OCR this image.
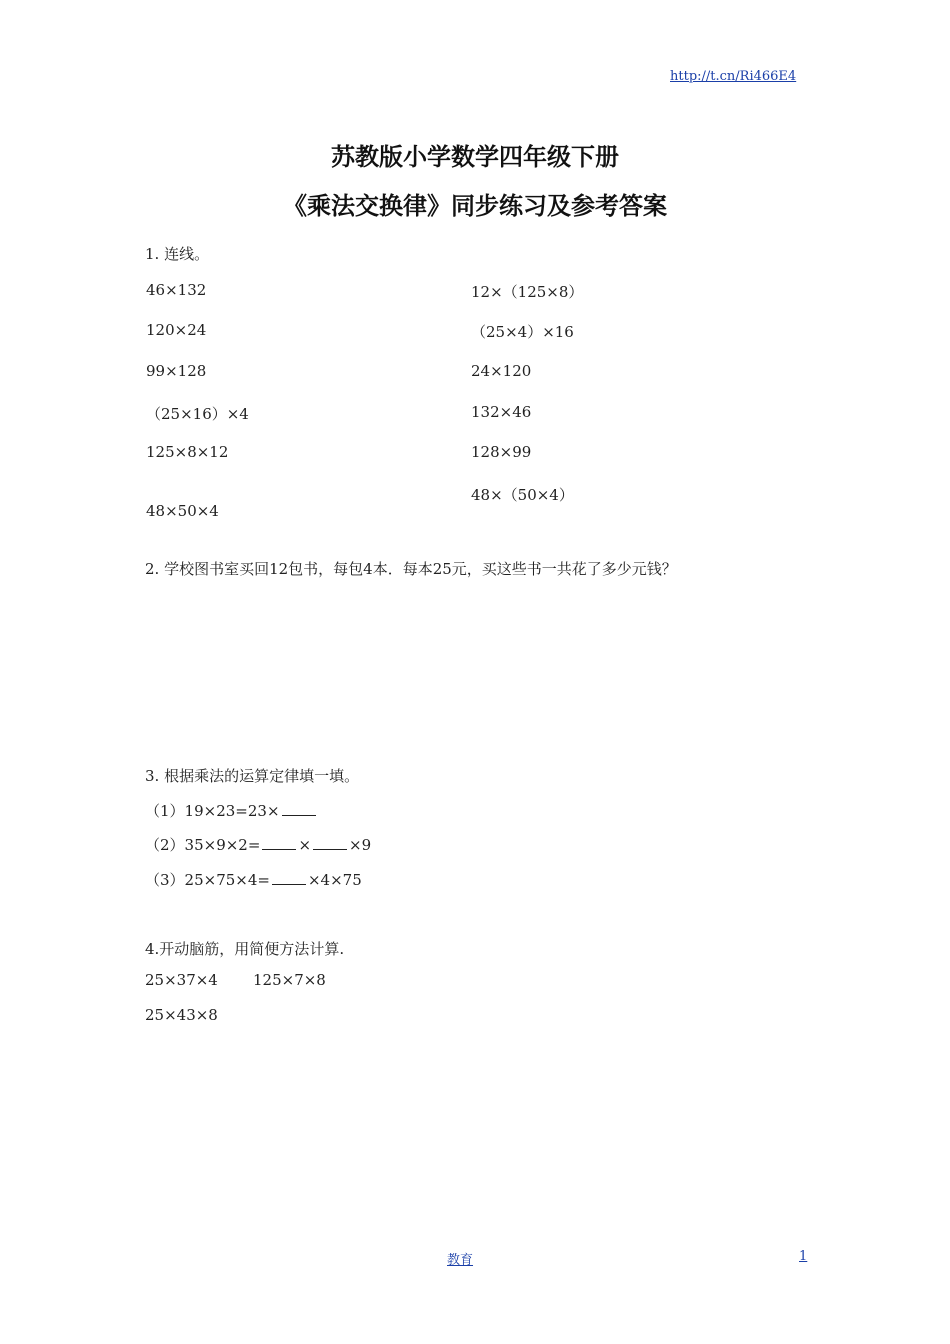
http://t.cn/Ri466E4
苏教版小学数学四年级下册
《乘法交换律》同步练习及参考答案
1. 连线。
46×132
120×24
99×128
（25×16）×4
125×8×12
48×50×4
12×（125×8）
（25×4）×16
24×120
132×46
128×99
48×（50×4）
2. 学校图书室买回12包书，每包4本．每本25元，买这些书一共花了多少元钱？
3. 根据乘法的运算定律填一填。
（1）19×23=23×
（2）35×9×2=	×	×9
（3）25×75×4=	×4×75
4.开动脑筋，用简便方法计算.
25×37×4 125×7×8
25×43×8
教育	1
